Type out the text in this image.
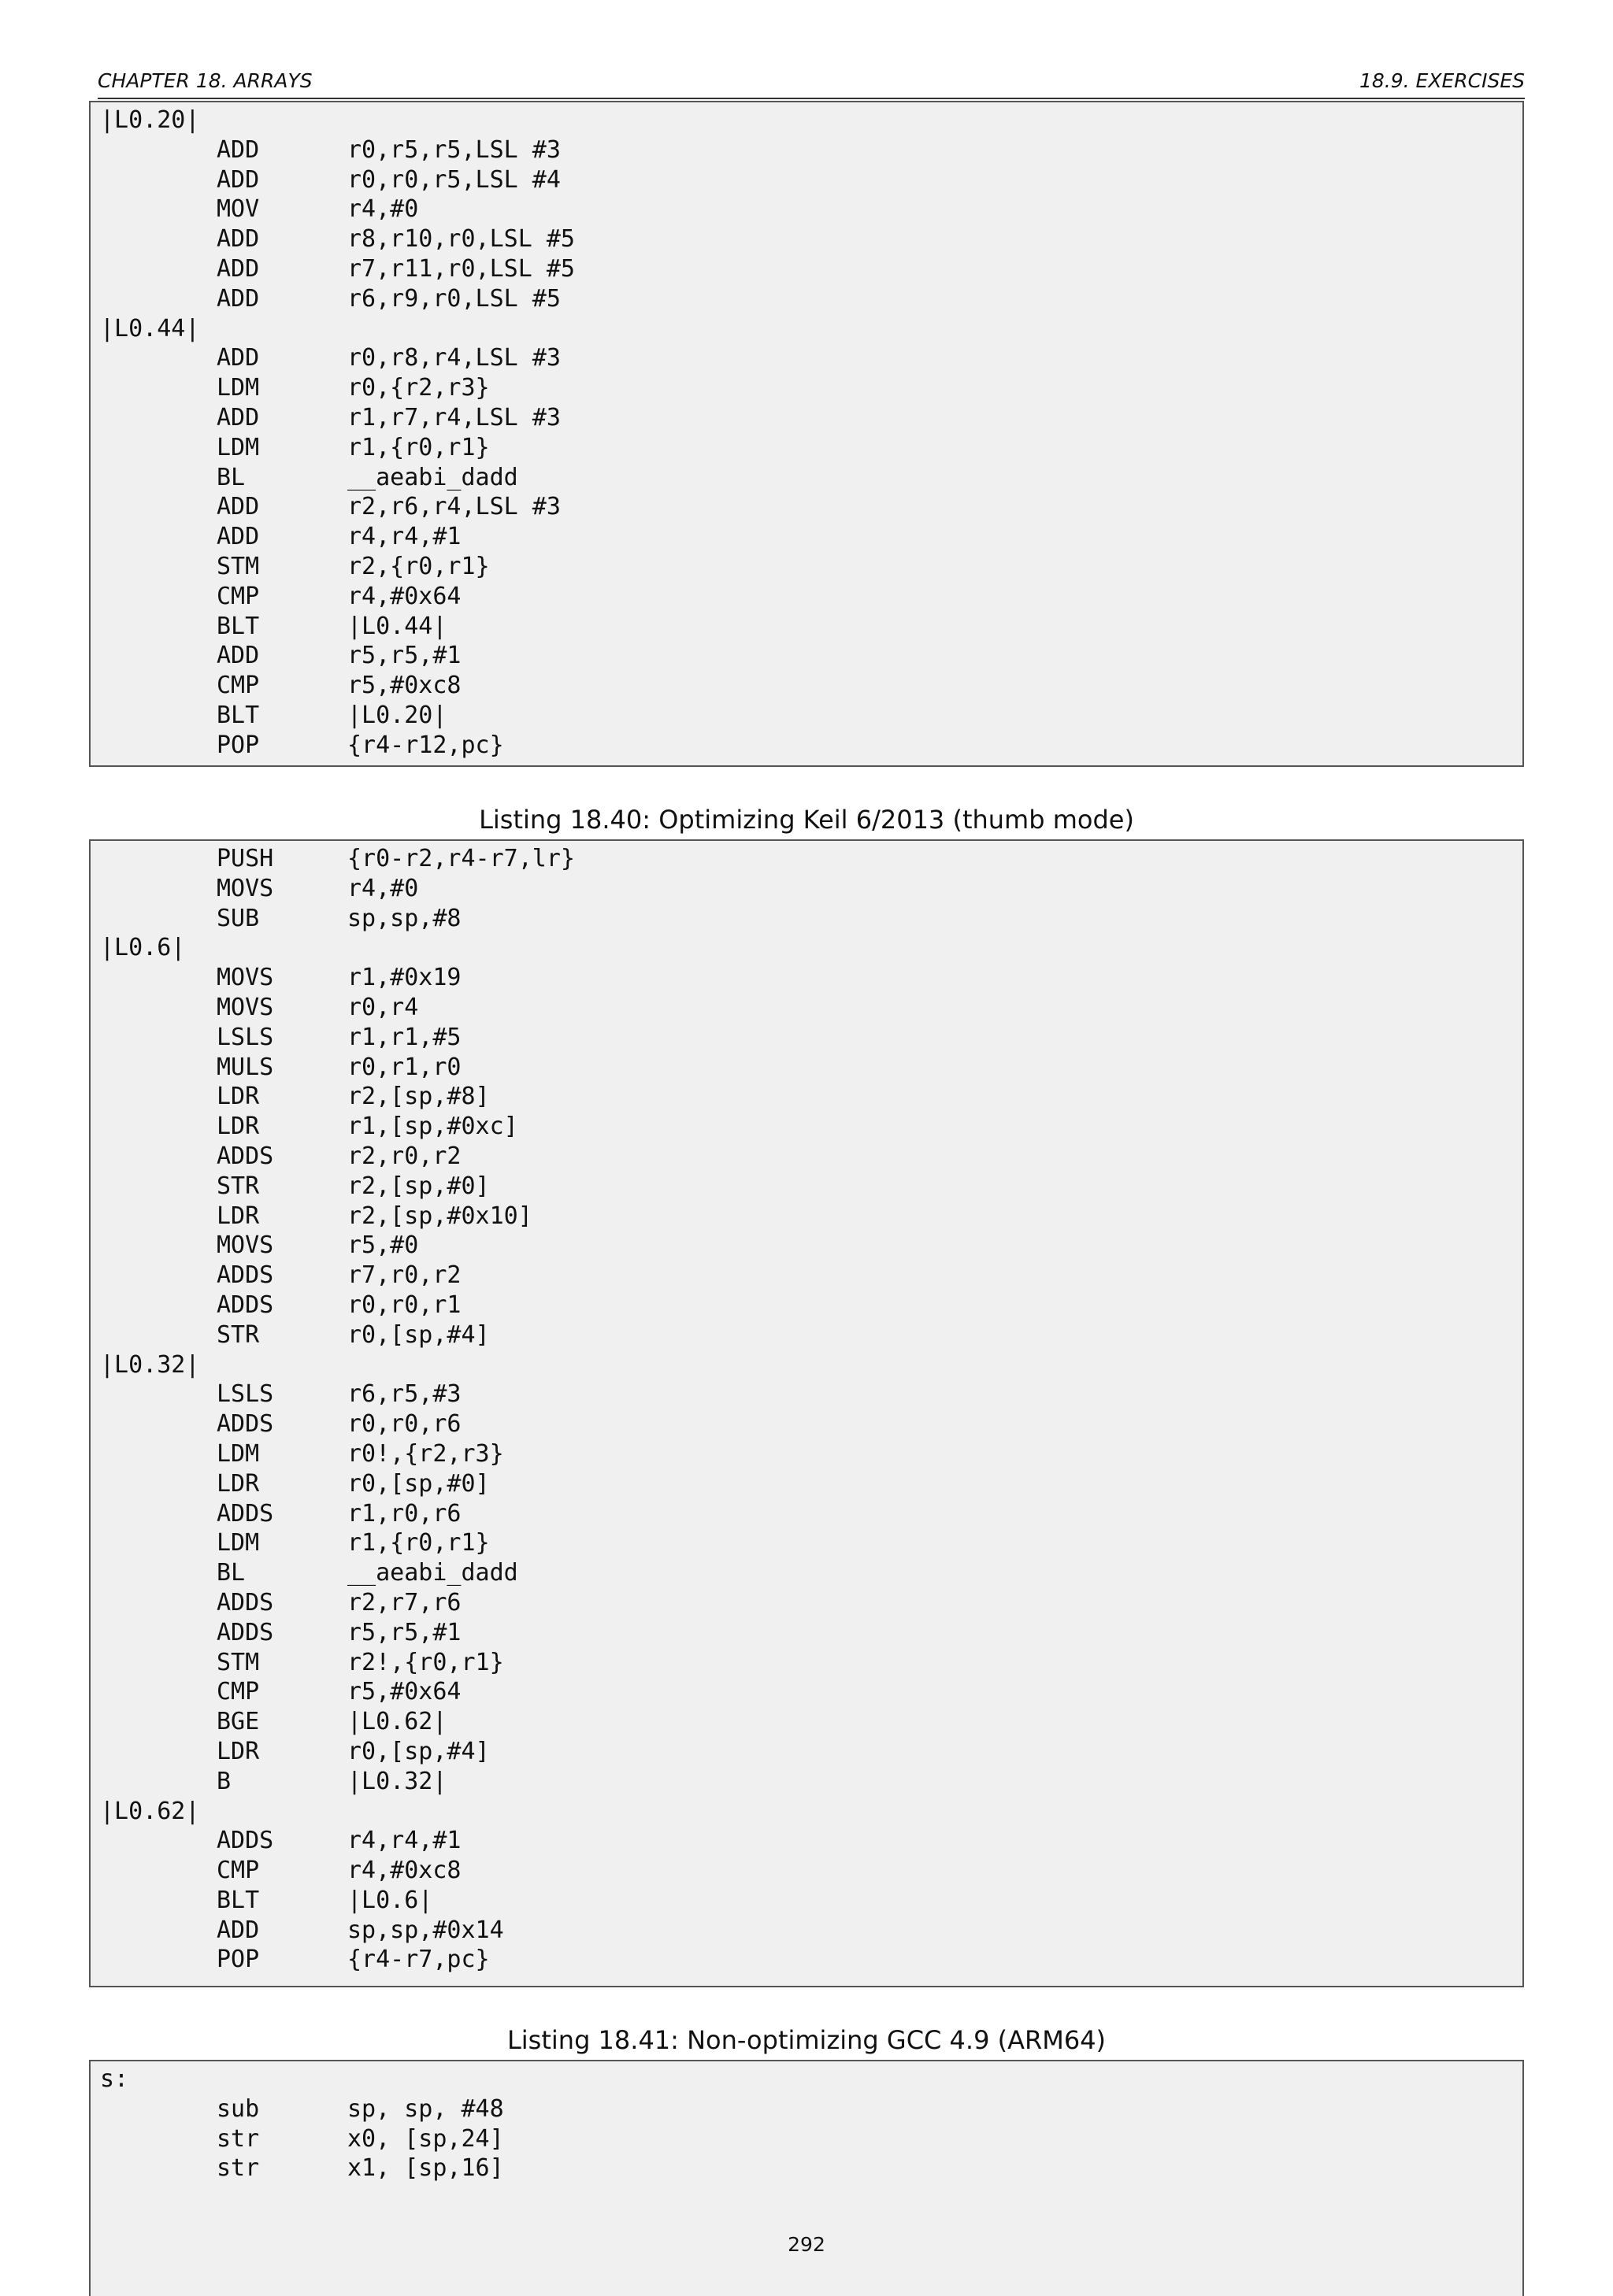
CHAPTER 18. ARRAYS	18.9. EXERCISES
|L0.20|
ADD	r0,r5,r5,LSL #3
ADD	r0,r0,r5,LSL #4
MOV	r4,#0
ADD	r8,r10,r0,LSL #5
ADD	r7,r11,r0,LSL #5
ADD	r6,r9,r0,LSL #5
|L0.44|
ADD	r0,r8,r4,LSL #3
LDM	r0,{r2,r3}
ADD	r1,r7,r4,LSL #3
LDM	r1,{r0,r1}
BL	__aeabi_dadd
ADD	r2,r6,r4,LSL #3
ADD	r4,r4,#1
STM	r2,{r0,r1}
CMP	r4,#0x64
BLT	|L0.44|
ADD	r5,r5,#1
CMP	r5,#0xc8
BLT	|L0.20|
POP	{r4-r12,pc}
Listing 18.40: Optimizing Keil 6/2013 (thumb mode)
PUSH	{r0-r2,r4-r7,lr}
MOVS	r4,#0
SUB	sp,sp,#8
|L0.6|
MOVS	r1,#0x19
MOVS	r0,r4
LSLS	r1,r1,#5
MULS	r0,r1,r0
LDR	r2,[sp,#8]
LDR	r1,[sp,#0xc]
ADDS	r2,r0,r2
STR	r2,[sp,#0]
LDR	r2,[sp,#0x10]
MOVS	r5,#0
ADDS	r7,r0,r2
ADDS	r0,r0,r1
STR	r0,[sp,#4]
|L0.32|
LSLS	r6,r5,#3
ADDS	r0,r0,r6
LDM	r0!,{r2,r3}
LDR	r0,[sp,#0]
ADDS	r1,r0,r6
LDM	r1,{r0,r1}
BL	__aeabi_dadd
ADDS	r2,r7,r6
ADDS	r5,r5,#1
STM	r2!,{r0,r1}
CMP	r5,#0x64
BGE	|L0.62|
LDR	r0,[sp,#4]
B	|L0.32|
|L0.62|
ADDS	r4,r4,#1
CMP	r4,#0xc8
BLT	|L0.6|
ADD	sp,sp,#0x14
POP	{r4-r7,pc}
Listing 18.41: Non-optimizing GCC 4.9 (ARM64)
s:
sub	sp, sp, #48
str	x0, [sp,24]
str	x1, [sp,16]
292
